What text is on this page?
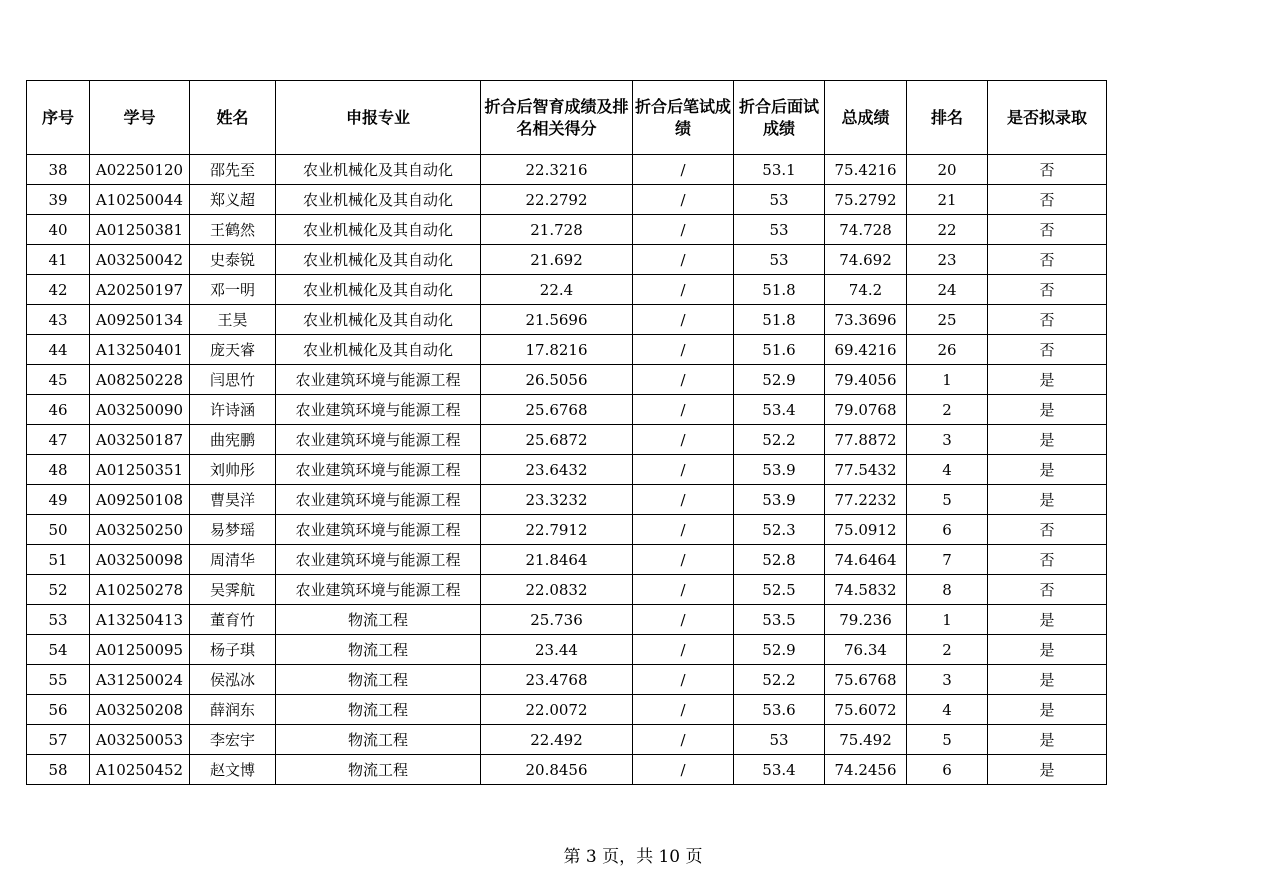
序号	学号	姓名	申报专业	折合后智育成绩及排名相关得分	折合后笔试成绩	折合后面试成绩	总成绩	排名	是否拟录取
38	A02250120	邵先至	农业机械化及其自动化	22.3216	/	53.1	75.4216	20	否
39	A10250044	郑义超	农业机械化及其自动化	22.2792	/	53	75.2792	21	否
40	A01250381	王鹤然	农业机械化及其自动化	21.728	/	53	74.728	22	否
41	A03250042	史泰锐	农业机械化及其自动化	21.692	/	53	74.692	23	否
42	A20250197	邓一明	农业机械化及其自动化	22.4	/	51.8	74.2	24	否
43	A09250134	王昊	农业机械化及其自动化	21.5696	/	51.8	73.3696	25	否
44	A13250401	庞天睿	农业机械化及其自动化	17.8216	/	51.6	69.4216	26	否
45	A08250228	闫思竹	农业建筑环境与能源工程	26.5056	/	52.9	79.4056	1	是
46	A03250090	许诗涵	农业建筑环境与能源工程	25.6768	/	53.4	79.0768	2	是
47	A03250187	曲宪鹏	农业建筑环境与能源工程	25.6872	/	52.2	77.8872	3	是
48	A01250351	刘帅彤	农业建筑环境与能源工程	23.6432	/	53.9	77.5432	4	是
49	A09250108	曹昊洋	农业建筑环境与能源工程	23.3232	/	53.9	77.2232	5	是
50	A03250250	易梦瑶	农业建筑环境与能源工程	22.7912	/	52.3	75.0912	6	否
51	A03250098	周清华	农业建筑环境与能源工程	21.8464	/	52.8	74.6464	7	否
52	A10250278	吴霁航	农业建筑环境与能源工程	22.0832	/	52.5	74.5832	8	否
53	A13250413	董育竹	物流工程	25.736	/	53.5	79.236	1	是
54	A01250095	杨子琪	物流工程	23.44	/	52.9	76.34	2	是
55	A31250024	侯泓冰	物流工程	23.4768	/	52.2	75.6768	3	是
56	A03250208	薛润东	物流工程	22.0072	/	53.6	75.6072	4	是
57	A03250053	李宏宇	物流工程	22.492	/	53	75.492	5	是
58	A10250452	赵文博	物流工程	20.8456	/	53.4	74.2456	6	是
第 3 页，共 10 页
